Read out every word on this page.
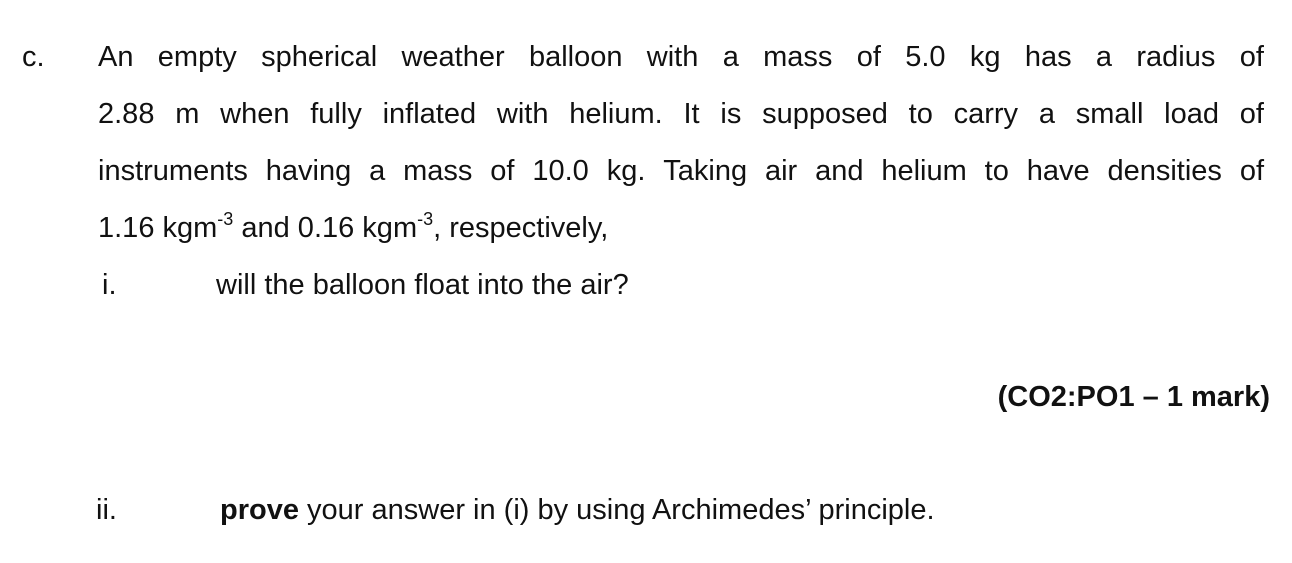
c. An empty spherical weather balloon with a mass of 5.0 kg has a radius of
2.88 m when fully inflated with helium. It is supposed to carry a small load of
instruments having a mass of 10.0 kg. Taking air and helium to have densities of
1.16 kgm$^{-3}$ and 0.16 kgm$^{-3}$, respectively,
i.	will the balloon float into the air?
(CO2:PO1 – 1 mark)
ii.	prove your answer in (i) by using Archimedes’ principle.
